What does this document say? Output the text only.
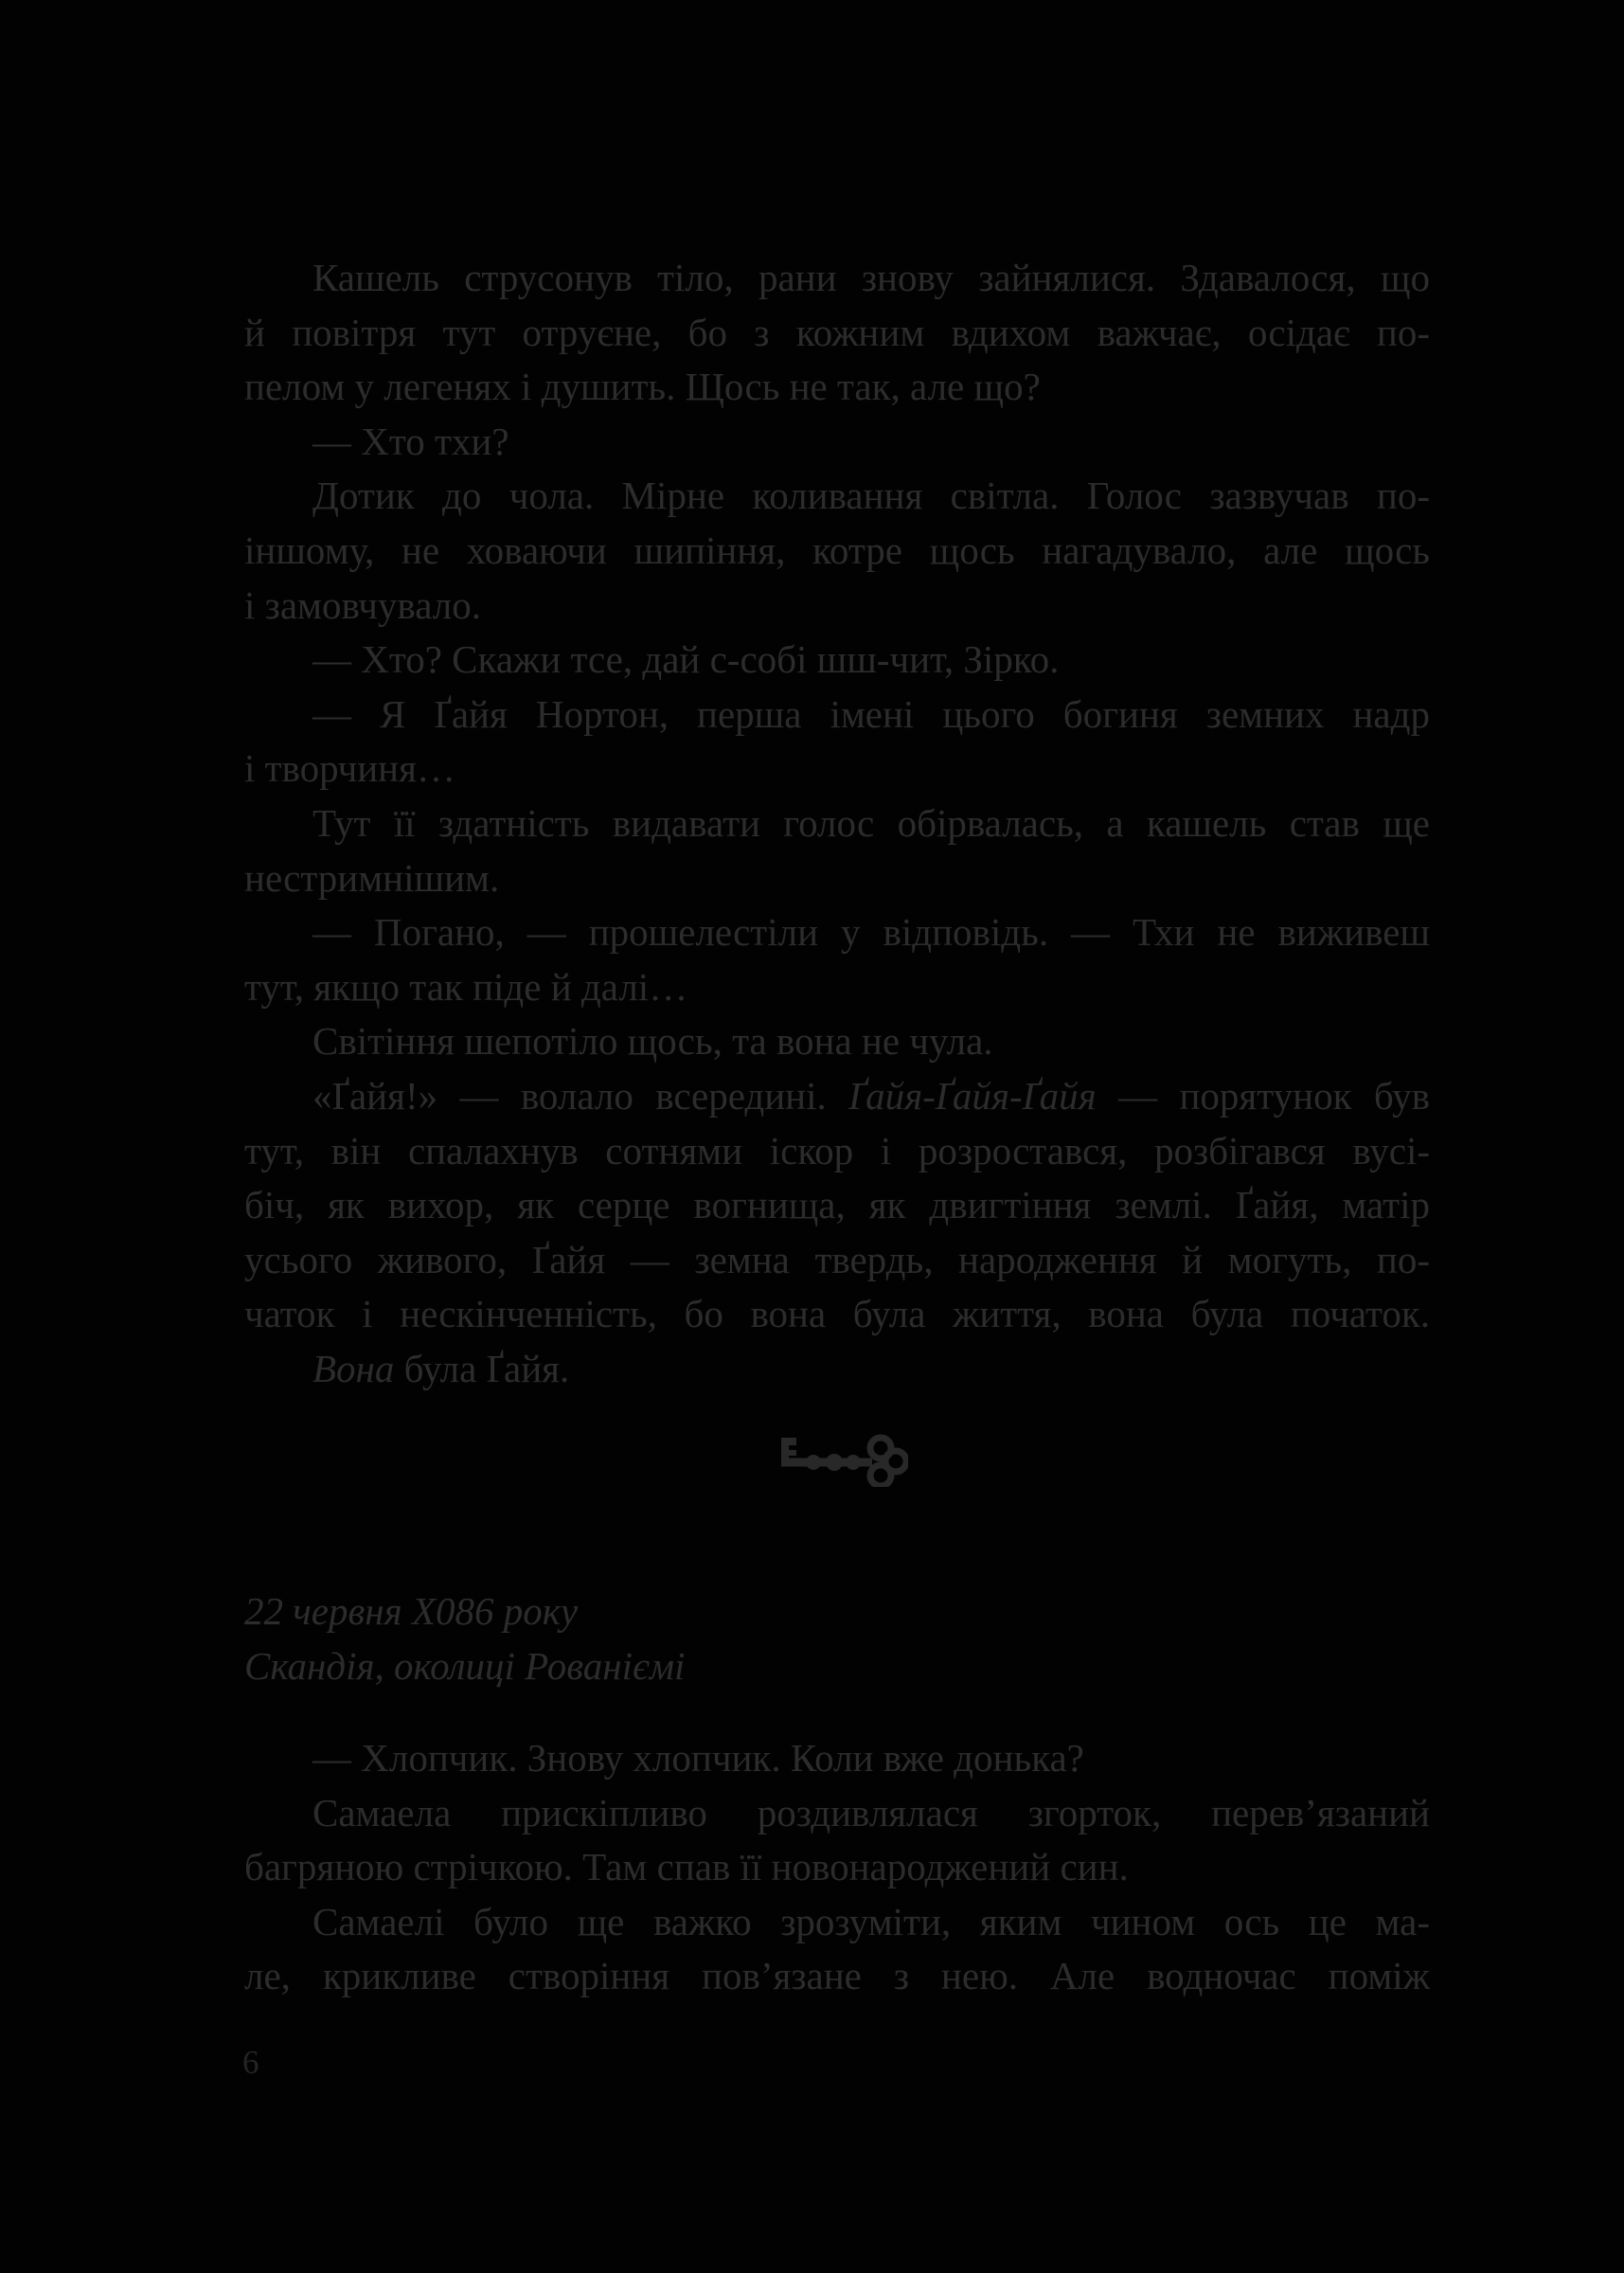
Кашель струсонув тіло, рани знову зайнялися. Здавалося, що
й повітря тут отруєне, бо з кожним вдихом важчає, осідає по-
пелом у легенях і душить. Щось не так, але що?
— Хто тхи?
Дотик до чола. Мірне коливання світла. Голос зазвучав по-
іншому, не ховаючи шипіння, котре щось нагадувало, але щось
і замовчувало.
— Хто? Скажи тсе, дай с-собі шш-чит, Зірко.
— Я Ґайя Нортон, перша імені цього богиня земних надр
і творчиня…
Тут її здатність видавати голос обірвалась, а кашель став ще
нестримнішим.
— Погано, — прошелестіли у відповідь. — Тхи не виживеш
тут, якщо так піде й далі…
Світіння шепотіло щось, та вона не чула.
«Ґайя!» — волало всередині. Ґайя-Ґайя-Ґайя — порятунок був
тут, він спалахнув сотнями іскор і розростався, розбігався вусі-
біч, як вихор, як серце вогнища, як двигтіння землі. Ґайя, матір
усього живого, Ґайя — земна твердь, народження й могуть, по-
чаток і нескінченність, бо вона була життя, вона була початок.
Вона була Ґайя.
22 червня Х086 року
Скандія, околиці Рованіємі
— Хлопчик. Знову хлопчик. Коли вже донька?
Самаела прискіпливо роздивлялася згорток, перев’язаний
багряною стрічкою. Там спав її новонароджений син.
Самаелі було ще важко зрозуміти, яким чином ось це ма-
ле, крикливе створіння пов’язане з нею. Але водночас поміж
6
